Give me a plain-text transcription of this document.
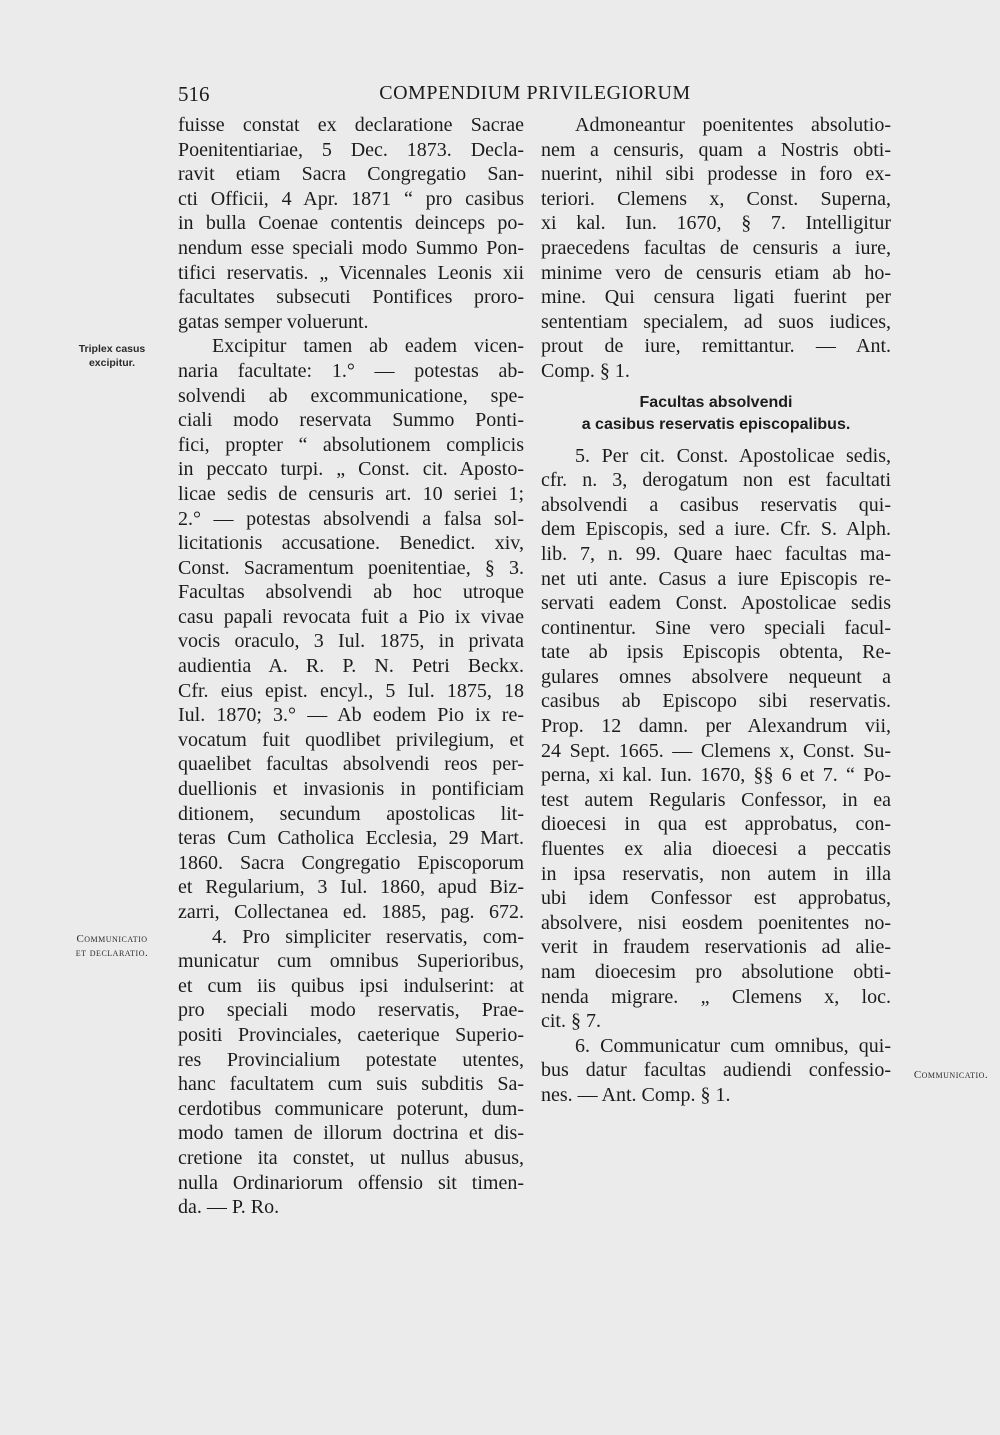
516	COMPENDIUM PRIVILEGIORUM
Triplex casus
excipitur.
Communicatio
et declaratio.
Communicatio.
fuisse constat ex declaratione Sacrae
Poenitentiariae, 5 Dec. 1873. Decla-
ravit etiam Sacra Congregatio San-
cti Officii, 4 Apr. 1871 “ pro casibus
in bulla Coenae contentis deinceps po-
nendum esse speciali modo Summo Pon-
tifici reservatis. „ Vicennales Leonis xii
facultates subsecuti Pontifices proro-
gatas semper voluerunt.
Excipitur tamen ab eadem vicen-
naria facultate: 1.° — potestas ab-
solvendi ab excommunicatione, spe-
ciali modo reservata Summo Ponti-
fici, propter “ absolutionem complicis
in peccato turpi. „ Const. cit. Aposto-
licae sedis de censuris art. 10 seriei 1;
2.° — potestas absolvendi a falsa sol-
licitationis accusatione. Benedict. xiv,
Const. Sacramentum poenitentiae, § 3.
Facultas absolvendi ab hoc utroque
casu papali revocata fuit a Pio ix vivae
vocis oraculo, 3 Iul. 1875, in privata
audientia A. R. P. N. Petri Beckx.
Cfr. eius epist. encyl., 5 Iul. 1875, 18
Iul. 1870; 3.° — Ab eodem Pio ix re-
vocatum fuit quodlibet privilegium, et
quaelibet facultas absolvendi reos per-
duellionis et invasionis in pontificiam
ditionem, secundum apostolicas lit-
teras Cum Catholica Ecclesia, 29 Mart.
1860. Sacra Congregatio Episcoporum
et Regularium, 3 Iul. 1860, apud Biz-
zarri, Collectanea ed. 1885, pag. 672.
4. Pro simpliciter reservatis, com-
municatur cum omnibus Superioribus,
et cum iis quibus ipsi indulserint: at
pro speciali modo reservatis, Prae-
positi Provinciales, caeterique Superio-
res Provincialium potestate utentes,
hanc facultatem cum suis subditis Sa-
cerdotibus communicare poterunt, dum-
modo tamen de illorum doctrina et dis-
cretione ita constet, ut nullus abusus,
nulla Ordinariorum offensio sit timen-
da. — P. Ro.
Admoneantur poenitentes absolutio-
nem a censuris, quam a Nostris obti-
nuerint, nihil sibi prodesse in foro ex-
teriori. Clemens x, Const. Superna,
xi kal. Iun. 1670, § 7. Intelligitur
praecedens facultas de censuris a iure,
minime vero de censuris etiam ab ho-
mine. Qui censura ligati fuerint per
sententiam specialem, ad suos iudices,
prout de iure, remittantur. — Ant.
Comp. § 1.
Facultas absolvendi
a casibus reservatis episcopalibus.
5. Per cit. Const. Apostolicae sedis,
cfr. n. 3, derogatum non est facultati
absolvendi a casibus reservatis qui-
dem Episcopis, sed a iure. Cfr. S. Alph.
lib. 7, n. 99. Quare haec facultas ma-
net uti ante. Casus a iure Episcopis re-
servati eadem Const. Apostolicae sedis
continentur. Sine vero speciali facul-
tate ab ipsis Episcopis obtenta, Re-
gulares omnes absolvere nequeunt a
casibus ab Episcopo sibi reservatis.
Prop. 12 damn. per Alexandrum vii,
24 Sept. 1665. — Clemens x, Const. Su-
perna, xi kal. Iun. 1670, §§ 6 et 7. “ Po-
test autem Regularis Confessor, in ea
dioecesi in qua est approbatus, con-
fluentes ex alia dioecesi a peccatis
in ipsa reservatis, non autem in illa
ubi idem Confessor est approbatus,
absolvere, nisi eosdem poenitentes no-
verit in fraudem reservationis ad alie-
nam dioecesim pro absolutione obti-
nenda migrare. „ Clemens x, loc.
cit. § 7.
6. Communicatur cum omnibus, qui-
bus datur facultas audiendi confessio-
nes. — Ant. Comp. § 1.
